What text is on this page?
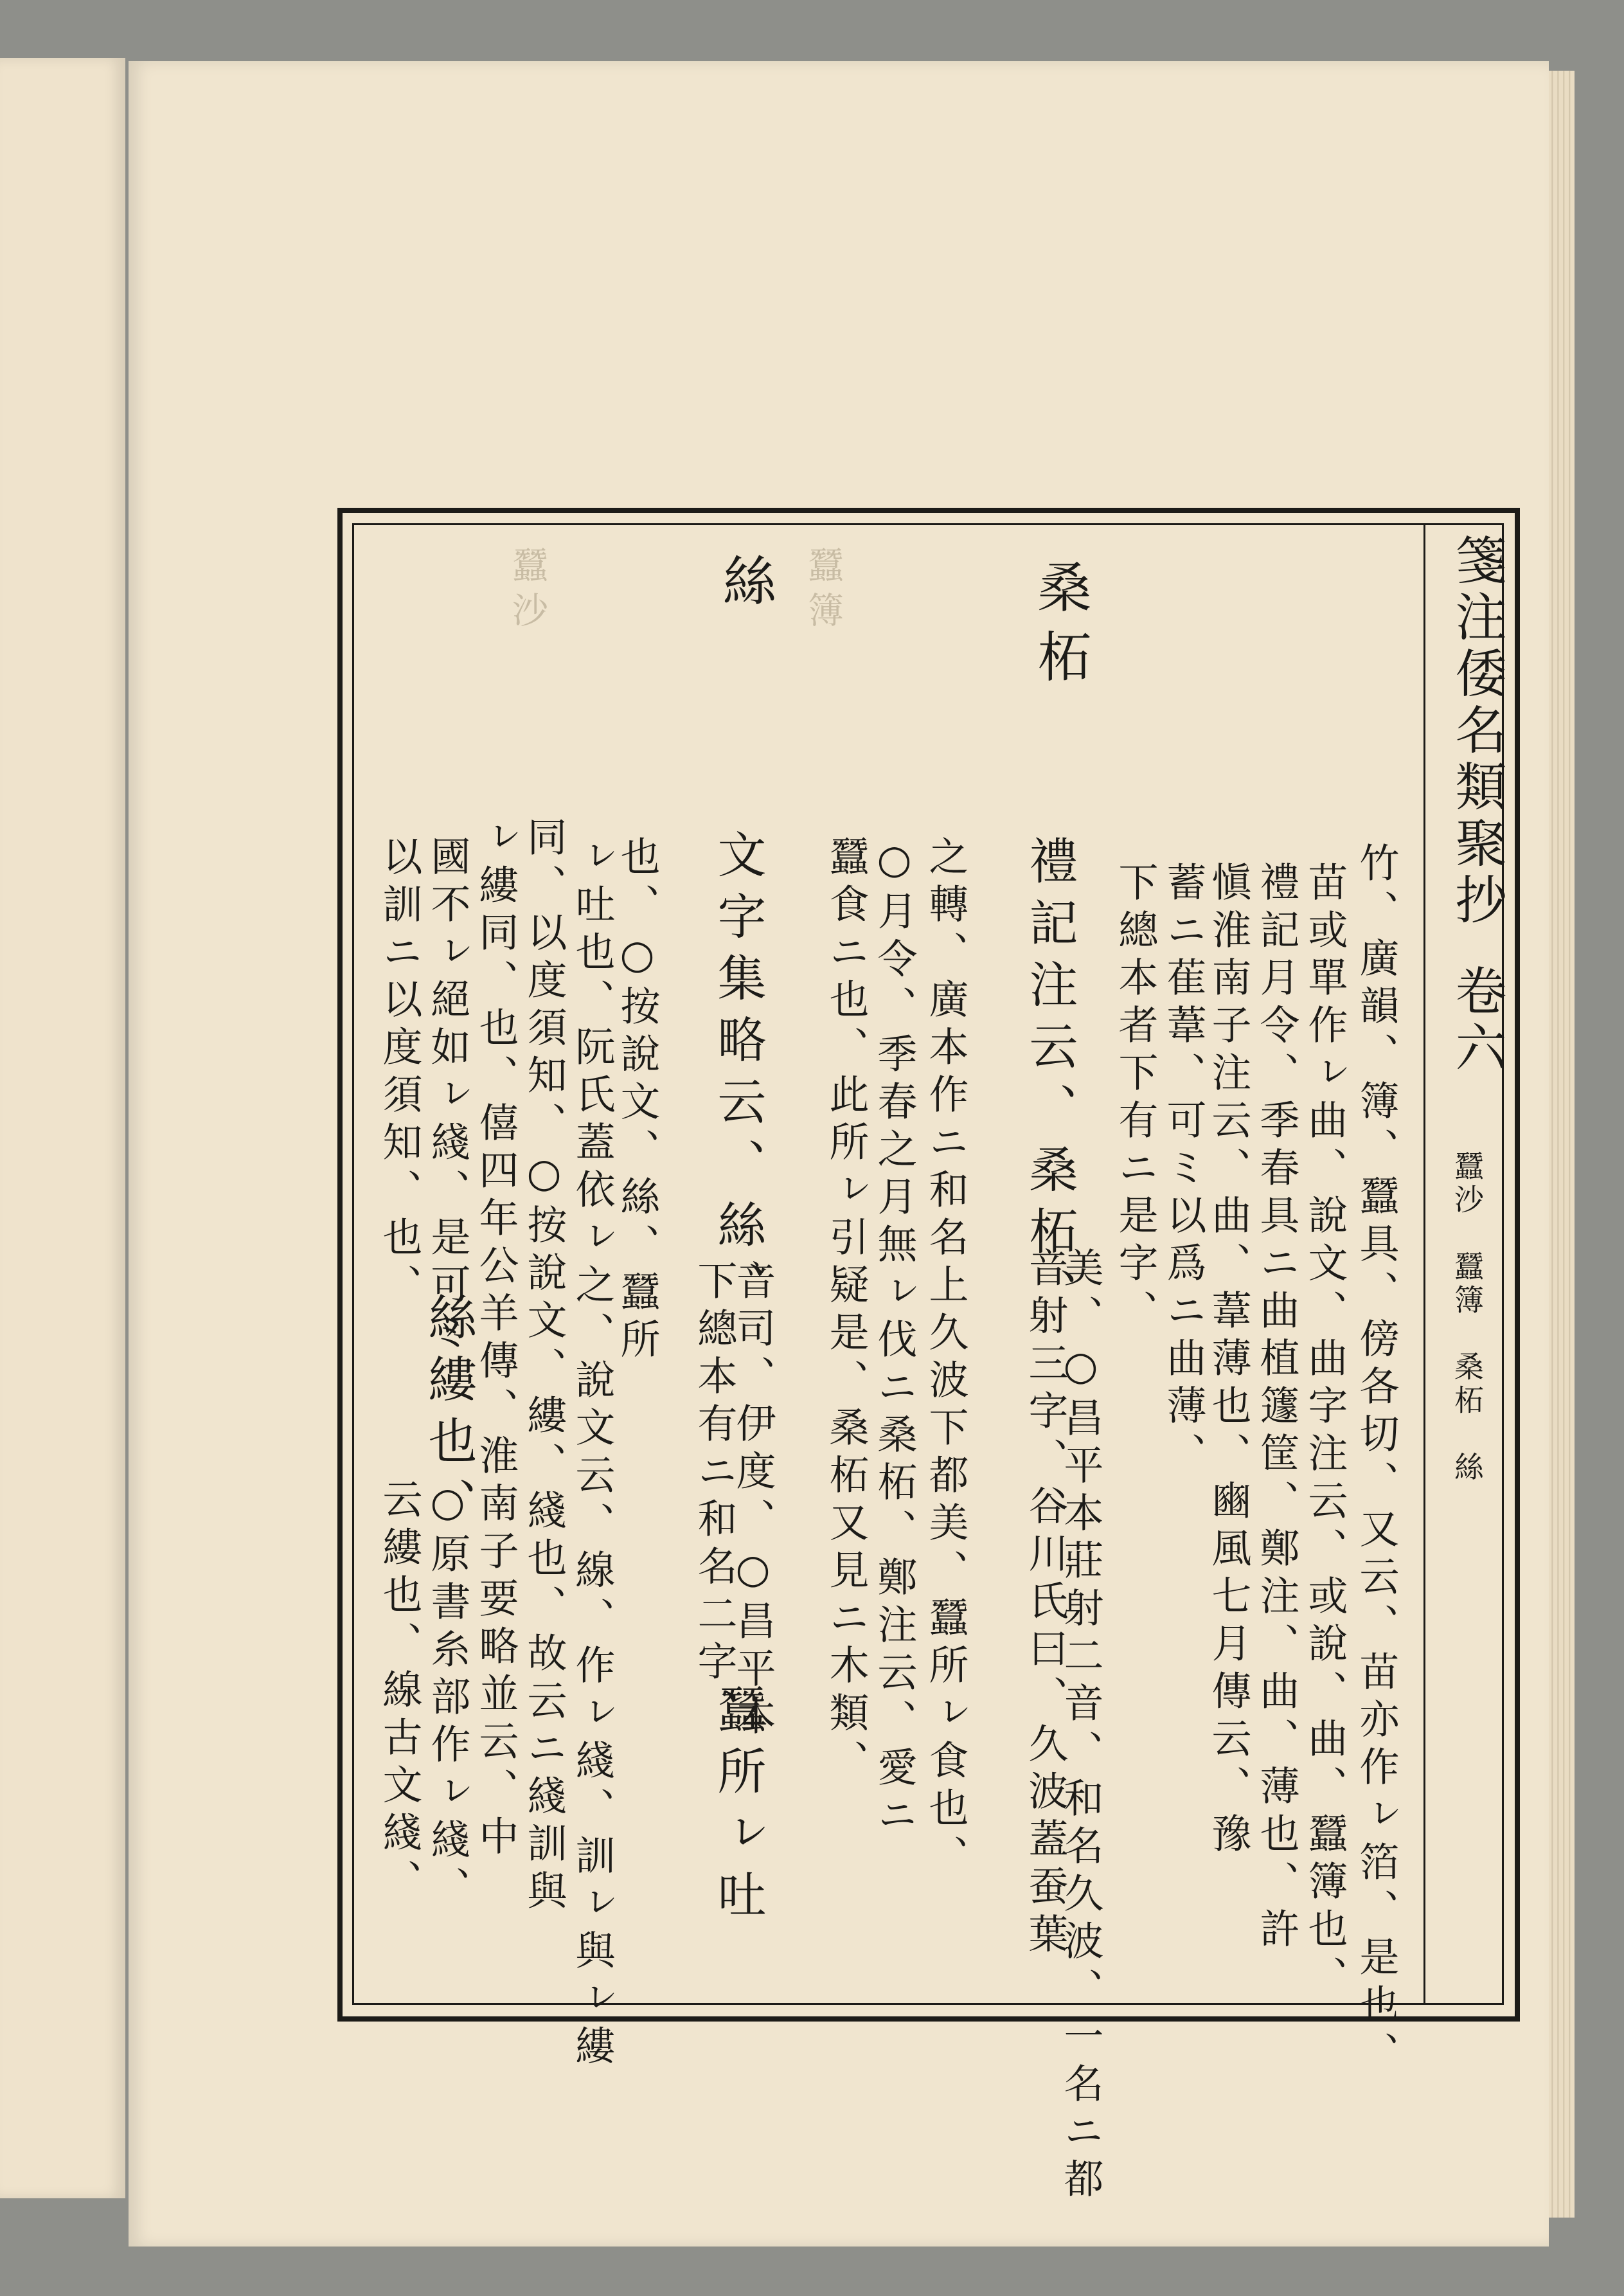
箋注倭名類聚抄
卷六
蠶沙　蠶簿　桑柘　絲
蠶沙	蠶簿	桑柘
絲
竹、廣韻、簿、蠶具、傍各切、又云、苗亦作ㇾ箔、是也、
苗或單作ㇾ曲、說文、曲字注云、或說、曲、蠶簿也、
禮記月令、季春具ニ曲植籧筐、鄭注、曲、薄也、許
愼淮南子注云、曲、葦薄也、豳風七月傳云、豫
蓄ニ萑葦、可ミ以爲ニ曲薄、
下總本者下有ニ是字、
禮記注云、桑柘、
音射三字、谷川氏曰、久波蓋蚕葉
美、○昌平本莊射二音、和名久波、一名ニ都
之轉、廣本作ニ和名上久波下都美、蠶所ㇾ食也、
○月令、季春之月無ㇾ伐ニ桑柘、鄭注云、愛ニ
蠶食ニ也、此所ㇾ引疑是、桑柘又見ニ木類、
文字集略云、絲、
下總本有ニ和名二字、
音司、伊度、○昌平本
蠶所ㇾ吐
也、○按說文、絲、蠶所
ㇾ吐也、阮氏蓋依ㇾ之、說文云、線、作ㇾ綫、訓ㇾ與ㇾ縷
同、以度須知、○按說文、縷、綫也、故云ニ綫訓與
ㇾ縷同、也、僖四年公羊傳、淮南子要略並云、中
國不ㇾ絕如ㇾ綫、是可ミ
絲縷也、
云縷也、線古文綫、
以訓ニ以度須知、也、
○原書糸部作ㇾ綫、
